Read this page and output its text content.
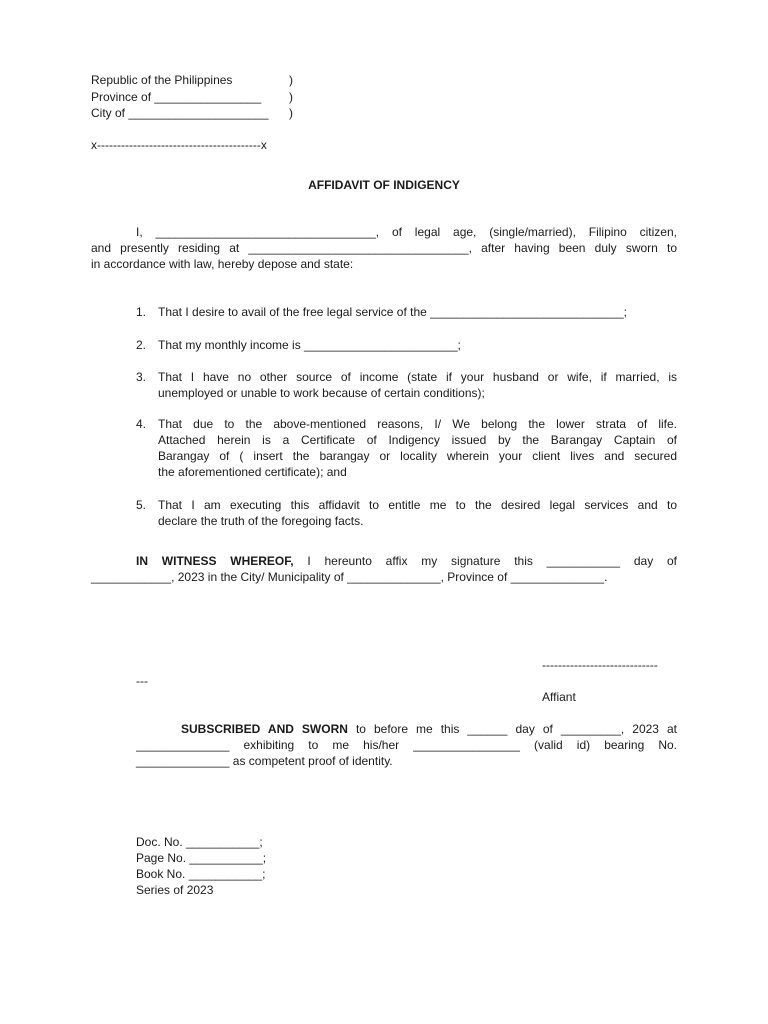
Republic of the Philippines	)
Province of ________________ )
City of _____________________ )
x-----------------------------------------x
AFFIDAVIT OF INDIGENCY
I, _________________________________, of legal age, (single/married), Filipino citizen,
and presently residing at _________________________________, after having been duly sworn to
in accordance with law, hereby depose and state:
1. That I desire to avail of the free legal service of the _____________________________;
2. That my monthly income is _______________________;
3. That I have no other source of income (state if your husband or wife, if married, is
unemployed or unable to work because of certain conditions);
4. That due to the above-mentioned reasons, I/ We belong the lower strata of life.
Attached herein is a Certificate of Indigency issued by the Barangay Captain of
Barangay of ( insert the barangay or locality wherein your client lives and secured
the aforementioned certificate); and
5. That I am executing this affidavit to entitle me to the desired legal services and to
declare the truth of the foregoing facts.
IN WITNESS WHEREOF, I hereunto affix my signature this ___________ day of
____________, 2023 in the City/ Municipality of ______________, Province of ______________.
-----------------------------
---
Affiant
SUBSCRIBED AND SWORN to before me this ______ day of _________, 2023 at
______________ exhibiting to me his/her ________________ (valid id) bearing No.
______________ as competent proof of identity.
Doc. No. ___________;
Page No. ___________;
Book No. ___________;
Series of 2023
